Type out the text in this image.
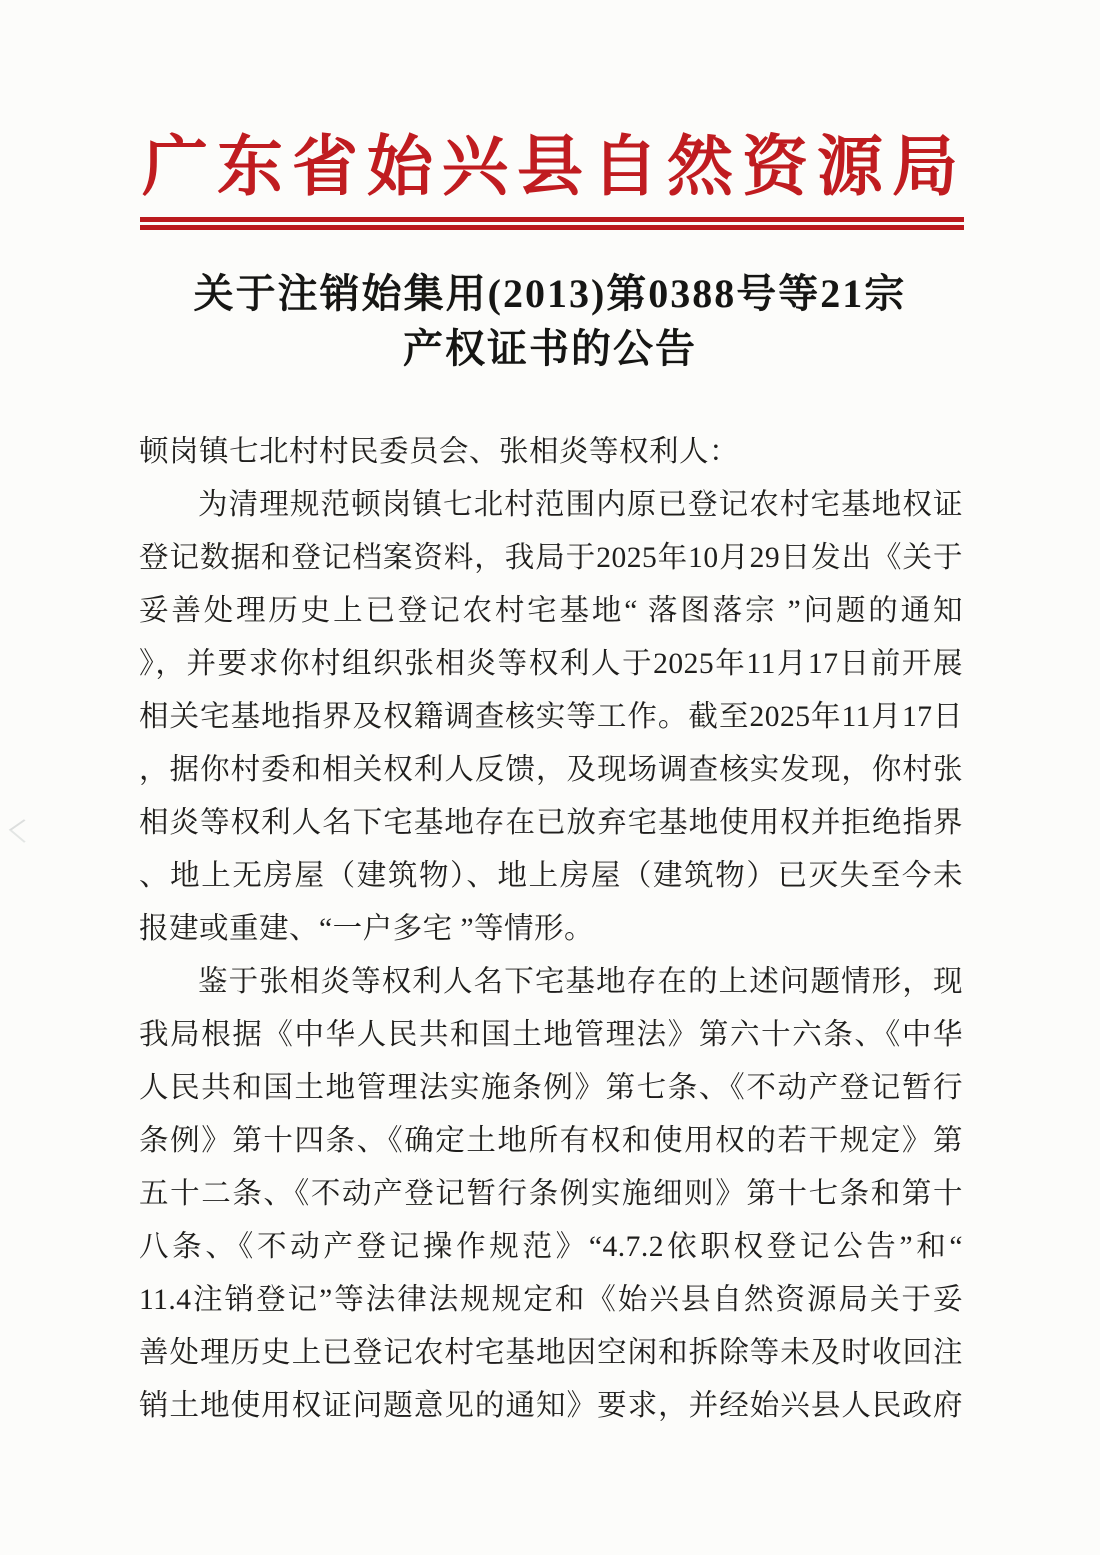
广东省始兴县自然资源局
关于注销始集用(2013)第0388号等21宗
产权证书的公告

顿岗镇七北村村民委员会、张相炎等权利人：

为清理规范顿岗镇七北村范围内原已登记农村宅基地权证

登记数据和登记档案资料，我局于2025年10月29日发出《关于

妥善处理历史上已登记农村宅基地“ 落图落宗 ”问题的通知

》，并要求你村组织张相炎等权利人于2025年11月17日前开展

相关宅基地指界及权籍调查核实等工作。截至2025年11月17日

，据你村委和相关权利人反馈，及现场调查核实发现，你村张

相炎等权利人名下宅基地存在已放弃宅基地使用权并拒绝指界

、地上无房屋（建筑物）、地上房屋（建筑物）已灭失至今未

报建或重建、“一户多宅 ”等情形。

鉴于张相炎等权利人名下宅基地存在的上述问题情形，现

我局根据《中华人民共和国土地管理法》第六十六条、《中华

人民共和国土地管理法实施条例》第七条、《不动产登记暂行

条例》第十四条、《确定土地所有权和使用权的若干规定》第

五十二条、《不动产登记暂行条例实施细则》第十七条和第十

八条、《不动产登记操作规范》“4.7.2依职权登记公告”和“

11.4注销登记”等法律法规规定和《始兴县自然资源局关于妥

善处理历史上已登记农村宅基地因空闲和拆除等未及时收回注

销土地使用权证问题意见的通知》要求，并经始兴县人民政府
